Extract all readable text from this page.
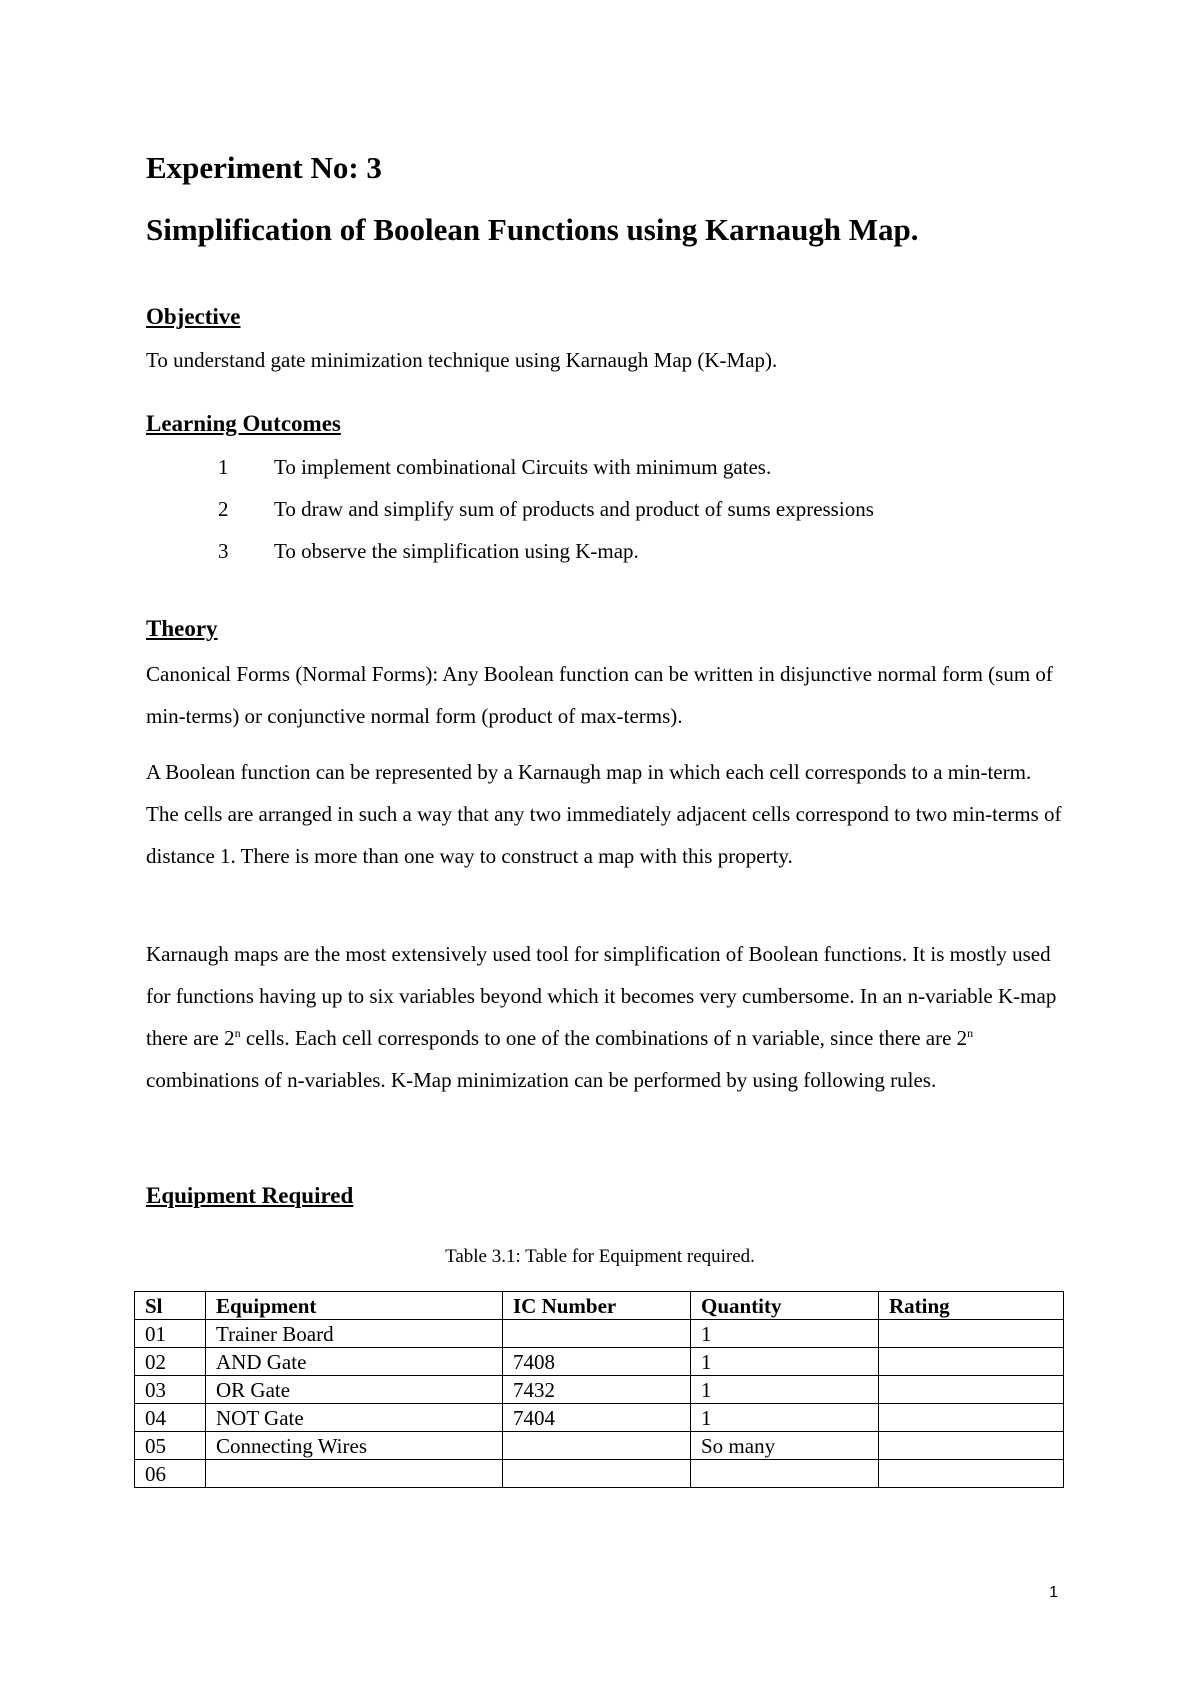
Experiment No: 3
Simplification of Boolean Functions using Karnaugh Map.
Objective

To understand gate minimization technique using Karnaugh Map (K-Map).

Learning Outcomes
1	To implement combinational Circuits with minimum gates.
2	To draw and simplify sum of products and product of sums expressions
3	To observe the simplification using K-map.
Theory

Canonical Forms (Normal Forms): Any Boolean function can be written in disjunctive normal form (sum of min-terms) or conjunctive normal form (product of max-terms).

A Boolean function can be represented by a Karnaugh map in which each cell corresponds to a min-term. The cells are arranged in such a way that any two immediately adjacent cells correspond to two min-terms of distance 1. There is more than one way to construct a map with this property.

Karnaugh maps are the most extensively used tool for simplification of Boolean functions. It is mostly used for functions having up to six variables beyond which it becomes very cumbersome. In an n-variable K-map there are 2$^n$ cells. Each cell corresponds to one of the combinations of n variable, since there are 2$^n$ combinations of n-variables. K-Map minimization can be performed by using following rules.

Equipment Required

Table 3.1: Table for Equipment required.

Sl	Equipment	IC Number	Quantity	Rating
01	Trainer Board		1	
02	AND Gate	7408	1	
03	OR Gate	7432	1	
04	NOT Gate	7404	1	
05	Connecting Wires		So many	
06				
1
